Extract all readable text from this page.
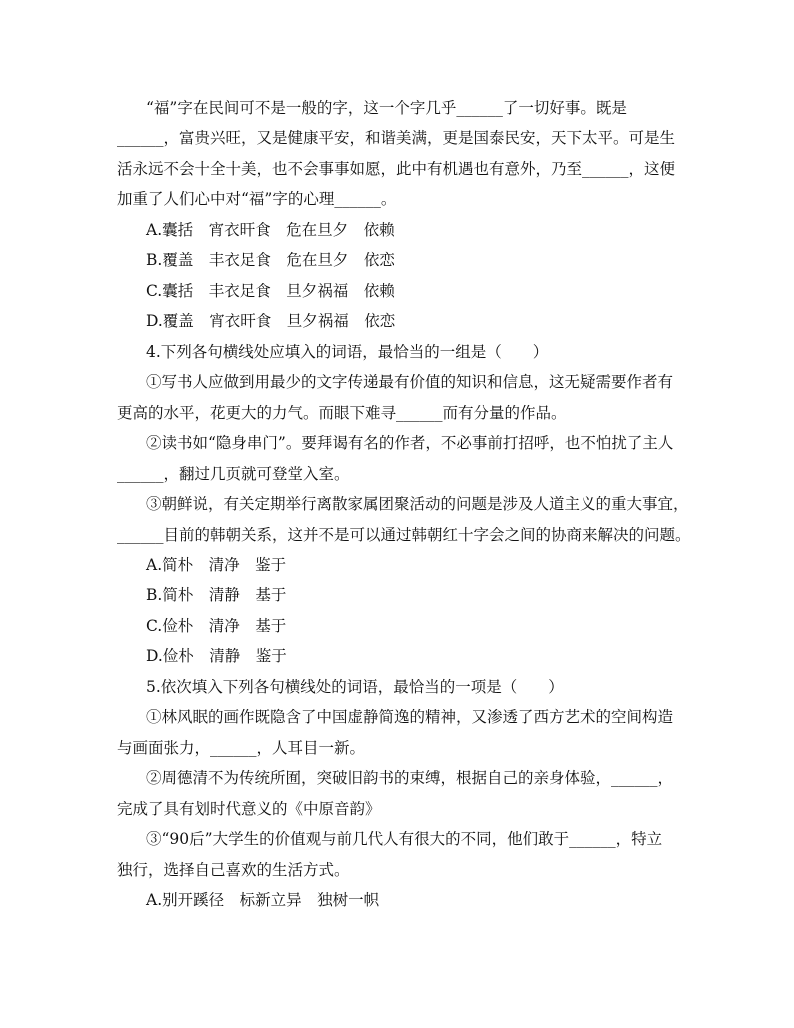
“福”字在民间可不是一般的字，这一个字几乎______了一切好事。既是
______，富贵兴旺，又是健康平安，和谐美满，更是国泰民安，天下太平。可是生
活永远不会十全十美，也不会事事如愿，此中有机遇也有意外，乃至______，这便
加重了人们心中对“福”字的心理______。
A.囊括　宵衣旰食　危在旦夕　依赖
B.覆盖　丰衣足食　危在旦夕　依恋
C.囊括　丰衣足食　旦夕祸福　依赖
D.覆盖　宵衣旰食　旦夕祸福　依恋
4.下列各句横线处应填入的词语，最恰当的一组是（　　）
①写书人应做到用最少的文字传递最有价值的知识和信息，这无疑需要作者有
更高的水平，花更大的力气。而眼下难寻______而有分量的作品。
②读书如“隐身串门”。要拜谒有名的作者，不必事前打招呼，也不怕扰了主人
______，翻过几页就可登堂入室。
③朝鲜说，有关定期举行离散家属团聚活动的问题是涉及人道主义的重大事宜，
______目前的韩朝关系，这并不是可以通过韩朝红十字会之间的协商来解决的问题。
A.简朴　清净　鉴于
B.简朴　清静　基于
C.俭朴　清净　基于
D.俭朴　清静　鉴于
5.依次填入下列各句横线处的词语，最恰当的一项是（　　）
①林风眠的画作既隐含了中国虚静简逸的精神，又渗透了西方艺术的空间构造
与画面张力，______，人耳目一新。
②周德清不为传统所囿，突破旧韵书的束缚，根据自己的亲身体验，______，
完成了具有划时代意义的《中原音韵》
③“90后”大学生的价值观与前几代人有很大的不同，他们敢于______，特立
独行，选择自己喜欢的生活方式。
A.别开蹊径　标新立异　独树一帜
